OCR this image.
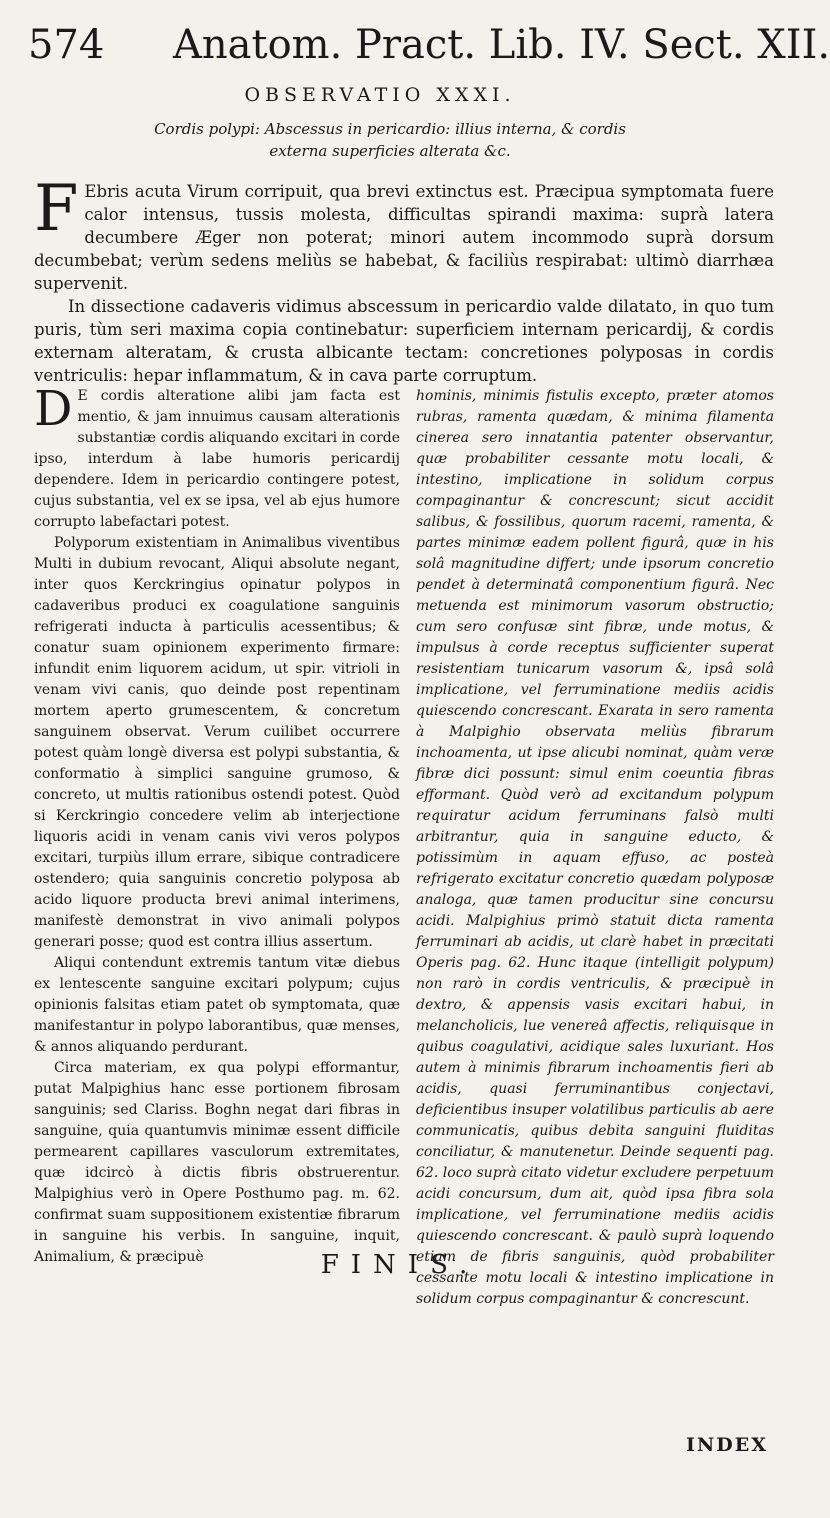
574 Anatom. Pract. Lib. IV. Sect. XII.
OBSERVATIO XXXI.
Cordis polypi: Abscessus in pericardio: illius interna, & cordis externa superficies alterata &c.

F Ebris acuta Virum corripuit, qua brevi extinctus est. Præcipua symptomata fuere calor intensus, tussis molesta, difficultas spirandi maxima: suprà latera decumbere Æger non poterat; minori autem incommodo suprà dorsum decumbebat; verùm sedens meliùs se habebat, & faciliùs respirabat: ultimò diarrhæa supervenit.

In dissectione cadaveris vidimus abscessum in pericardio valde dilatato, in quo tum puris, tùm seri maxima copia continebatur: superficiem internam pericardij, & cordis externam alteratam, & crusta albicante tectam: concretiones polyposas in cordis ventriculis: hepar inflammatum, & in cava parte corruptum.

D E cordis alteratione alibi jam facta est mentio, & jam innuimus causam alterationis substantiæ cordis aliquando excitari in corde ipso, interdum à labe humoris pericardij dependere. Idem in pericardio contingere potest, cujus substantia, vel ex se ipsa, vel ab ejus humore corrupto labefactari potest.

Polyporum existentiam in Animalibus viventibus Multi in dubium revocant, Aliqui absolute negant, inter quos Kerckringius opinatur polypos in cadaveribus produci ex coagulatione sanguinis refrigerati inducta à particulis acessentibus; & conatur suam opinionem experimento firmare: infundit enim liquorem acidum, ut spir. vitrioli in venam vivi canis, quo deinde post repentinam mortem aperto grumescentem, & concretum sanguinem observat. Verum cuilibet occurrere potest quàm longè diversa est polypi substantia, & conformatio à simplici sanguine grumoso, & concreto, ut multis rationibus ostendi potest. Quòd si Kerckringio concedere velim ab interjectione liquoris acidi in venam canis vivi veros polypos excitari, turpiùs illum errare, sibique contradicere ostendero; quia sanguinis concretio polyposa ab acido liquore producta brevi animal interimens, manifestè demonstrat in vivo animali polypos generari posse; quod est contra illius assertum.

Aliqui contendunt extremis tantum vitæ diebus ex lentescente sanguine excitari polypum; cujus opinionis falsitas etiam patet ob symptomata, quæ manifestantur in polypo laborantibus, quæ menses, & annos aliquando perdurant.

Circa materiam, ex qua polypi efformantur, putat Malpighius hanc esse portionem fibrosam sanguinis; sed Clariss. Boghn negat dari fibras in sanguine, quia quantumvis minimæ essent difficile permearent capillares vasculorum extremitates, quæ idcircò à dictis fibris obstruerentur. Malpighius verò in Opere Posthumo pag. m. 62. confirmat suam suppositionem existentiæ fibrarum in sanguine his verbis. In sanguine, inquit, Animalium, & præcipuè

hominis, minimis fistulis excepto, præter atomos rubras, ramenta quædam, & minima filamenta cinerea sero innatantia patenter observantur, quæ probabiliter cessante motu locali, & intestino, implicatione in solidum corpus compaginantur & concrescunt; sicut accidit salibus, & fossilibus, quorum racemi, ramenta, & partes minimæ eadem pollent figurâ, quæ in his solâ magnitudine differt; unde ipsorum concretio pendet à determinatâ componentium figurâ. Nec metuenda est minimorum vasorum obstructio; cum sero confusæ sint fibræ, unde motus, & impulsus à corde receptus sufficienter superat resistentiam tunicarum vasorum &, ipsâ solâ implicatione, vel ferruminatione mediis acidis quiescendo concrescant. Exarata in sero ramenta à Malpighio observata meliùs fibrarum inchoamenta, ut ipse alicubi nominat, quàm veræ fibræ dici possunt: simul enim coeuntia fibras efformant. Quòd verò ad excitandum polypum requiratur acidum ferruminans falsò multi arbitrantur, quia in sanguine educto, & potissimùm in aquam effuso, ac posteà refrigerato excitatur concretio quædam polyposæ analoga, quæ tamen producitur sine concursu acidi. Malpighius primò statuit dicta ramenta ferruminari ab acidis, ut clarè habet in præcitati Operis pag. 62. Hunc itaque (intelligit polypum) non rarò in cordis ventriculis, & præcipuè in dextro, & appensis vasis excitari habui, in melancholicis, lue venereâ affectis, reliquisque in quibus coagulativi, acidique sales luxuriant. Hos autem à minimis fibrarum inchoamentis fieri ab acidis, quasi ferruminantibus conjectavi, deficientibus insuper volatilibus particulis ab aere communicatis, quibus debita sanguini fluiditas conciliatur, & manutenetur. Deinde sequenti pag. 62. loco suprà citato videtur excludere perpetuum acidi concursum, dum ait, quòd ipsa fibra sola implicatione, vel ferruminatione mediis acidis quiescendo concrescant. & paulò suprà loquendo etiam de fibris sanguinis, quòd probabiliter cessante motu locali & intestino implicatione in solidum corpus compaginantur & concrescunt.

FINIS.
INDEX
